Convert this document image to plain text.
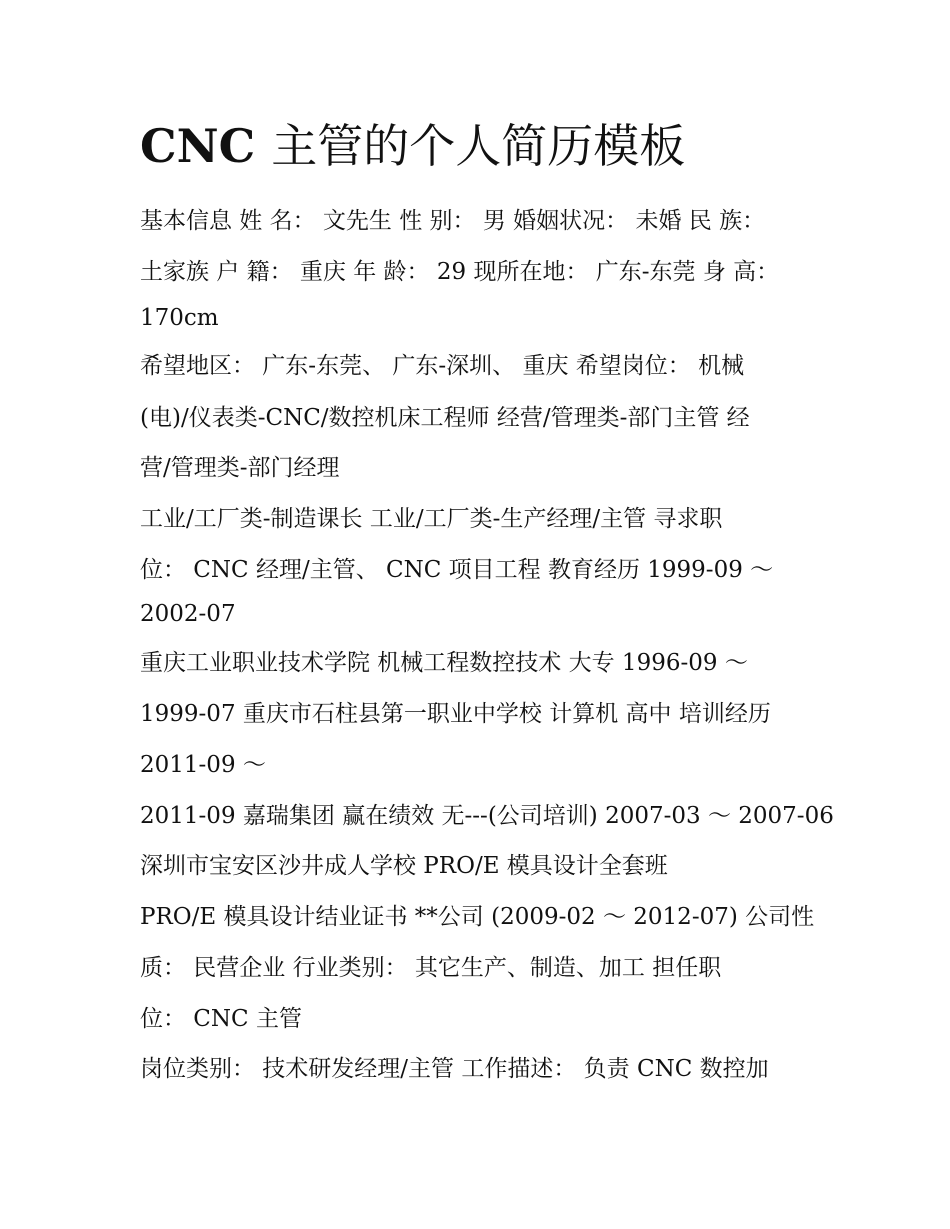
CNC 主管的个人简历模板

基本信息 姓 名： 文先生 性 别： 男 婚姻状况： 未婚 民 族：

土家族 户 籍： 重庆 年 龄： 29 现所在地： 广东-东莞 身 高：

170cm

希望地区： 广东-东莞、 广东-深圳、 重庆 希望岗位： 机械

(电)/仪表类-CNC/数控机床工程师 经营/管理类-部门主管 经

营/管理类-部门经理

工业/工厂类-制造课长 工业/工厂类-生产经理/主管 寻求职

位： CNC 经理/主管、 CNC 项目工程 教育经历 1999-09 ～

2002-07

重庆工业职业技术学院 机械工程数控技术 大专 1996-09 ～

1999-07 重庆市石柱县第一职业中学校 计算机 高中 培训经历

2011-09 ～

2011-09 嘉瑞集团 赢在绩效 无---(公司培训) 2007-03 ～ 2007-06

深圳市宝安区沙井成人学校 PRO/E 模具设计全套班

PRO/E 模具设计结业证书 **公司 (2009-02 ～ 2012-07) 公司性

质： 民营企业 行业类别： 其它生产、制造、加工 担任职

位： CNC 主管

岗位类别： 技术研发经理/主管 工作描述： 负责 CNC 数控加
